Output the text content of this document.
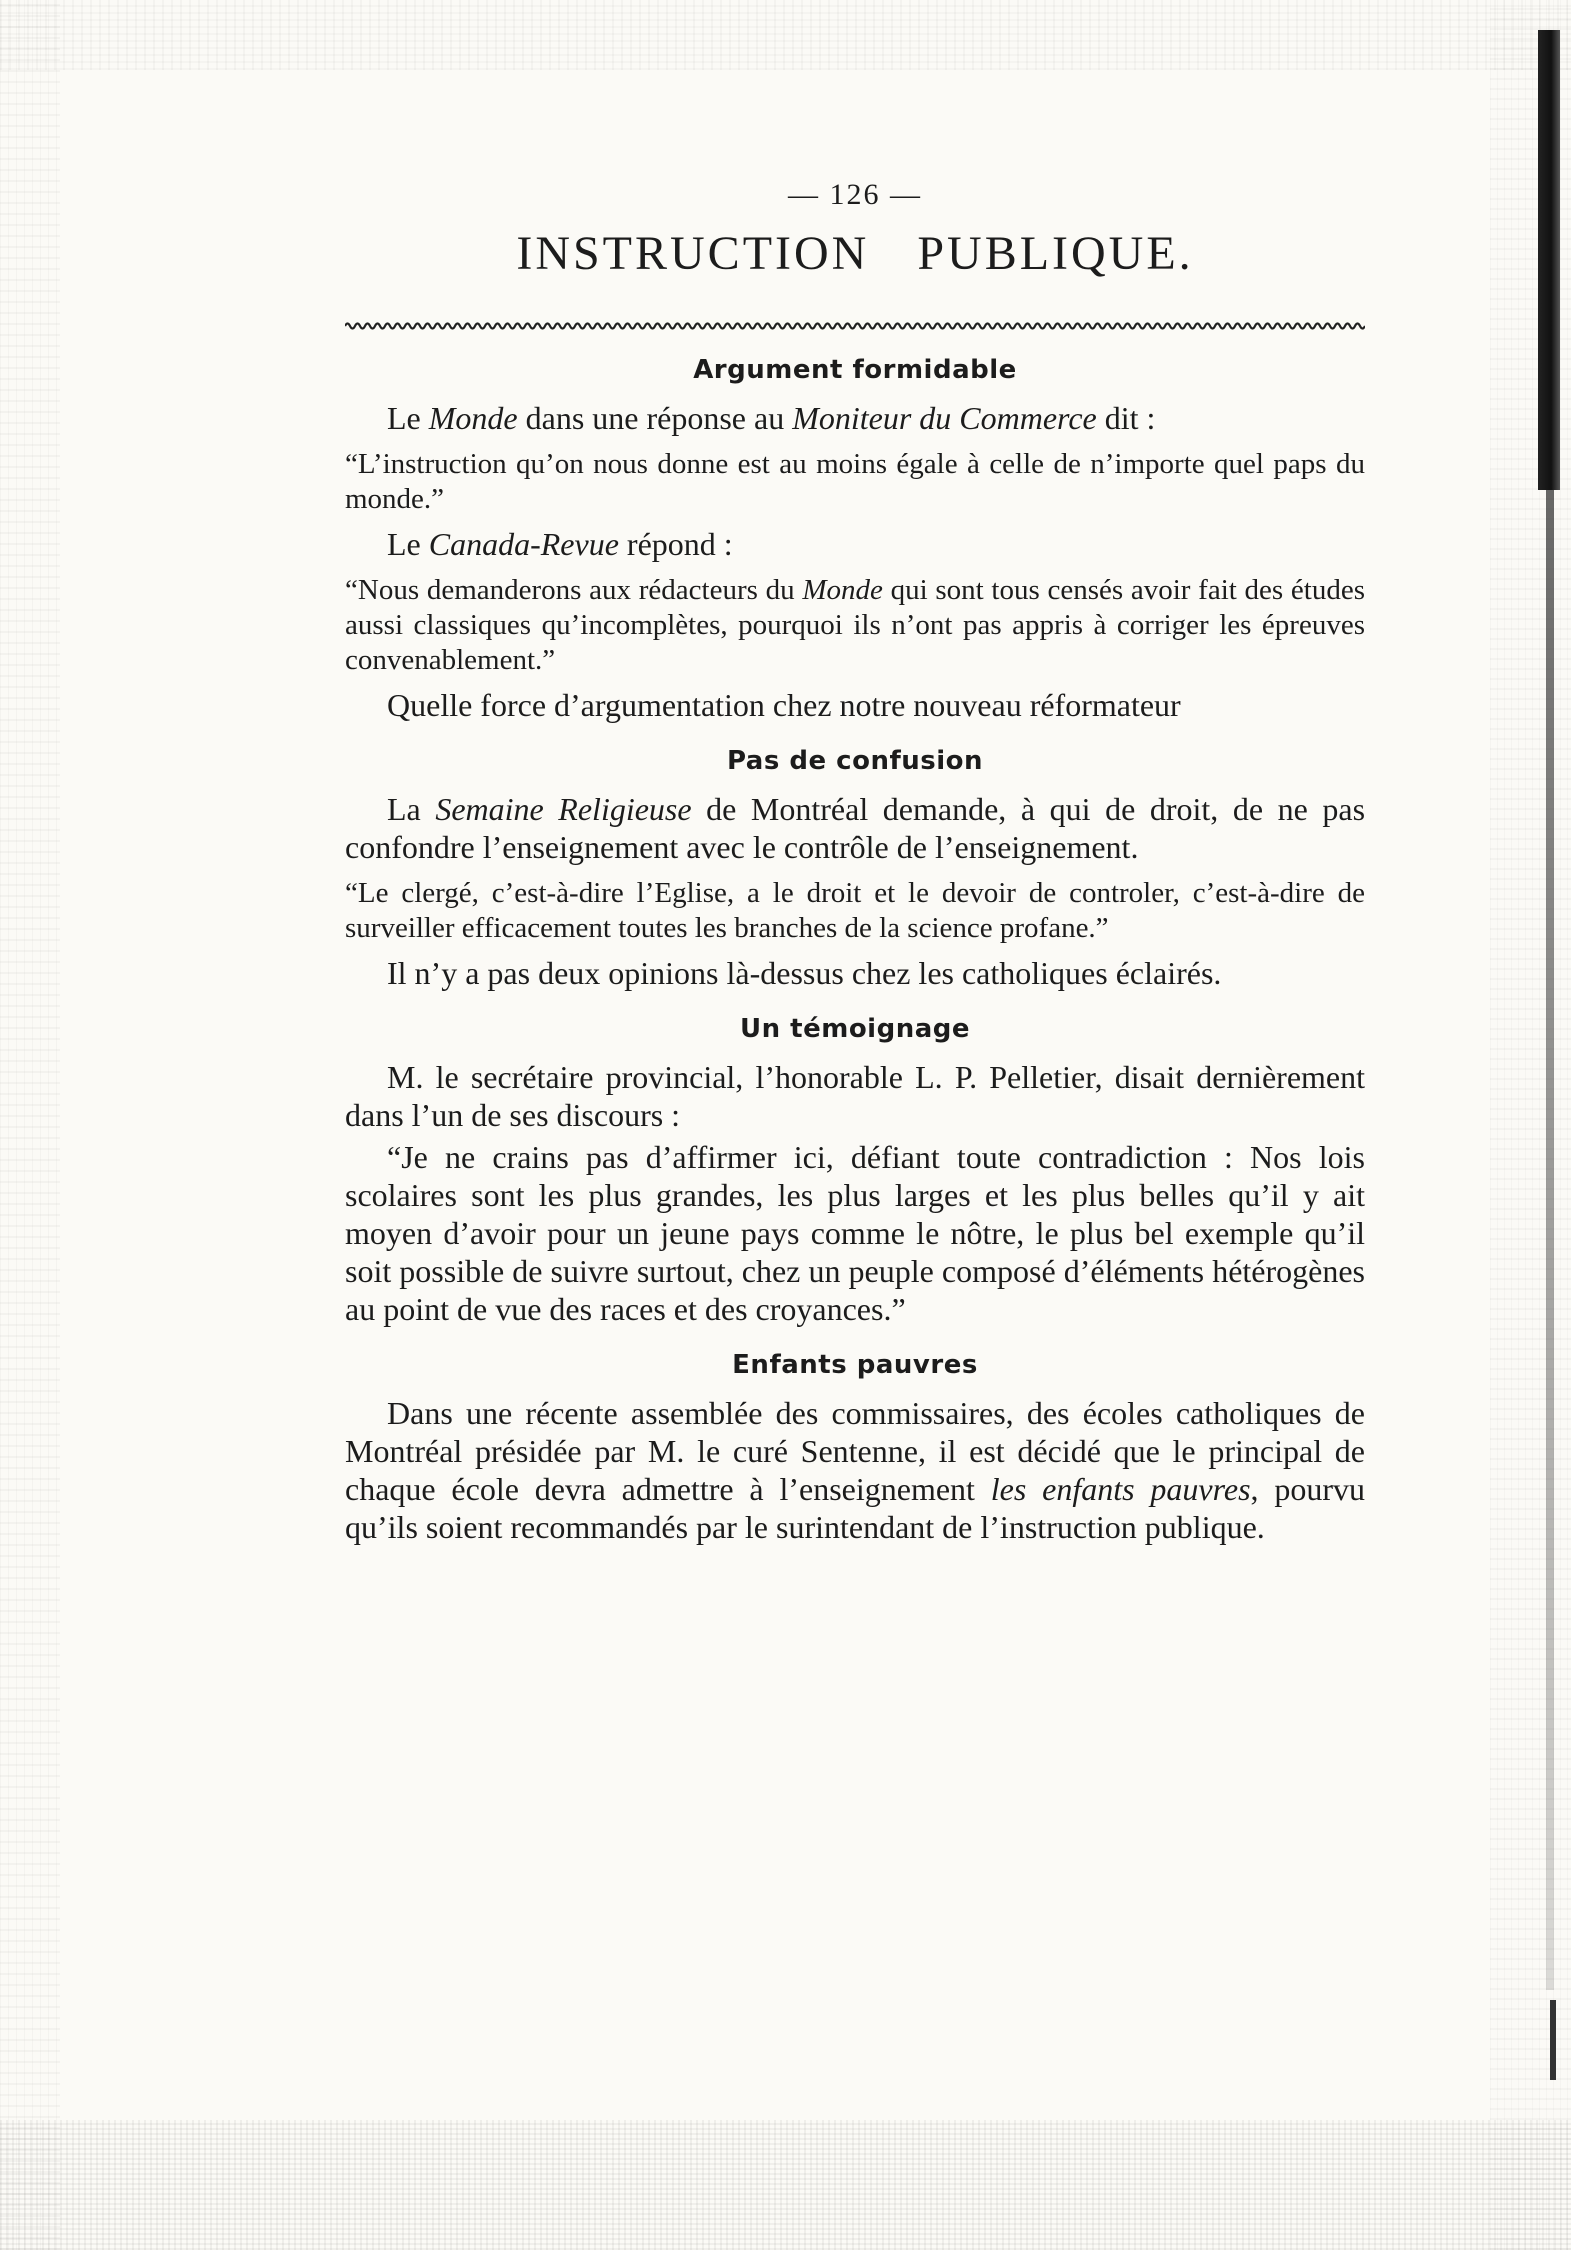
— 126 —
INSTRUCTION PUBLIQUE.
Argument formidable

Le Monde dans une réponse au Moniteur du Commerce dit :

“L’instruction qu’on nous donne est au moins égale à celle de n’importe quel paps du monde.”

Le Canada-Revue répond :

“Nous demanderons aux rédacteurs du Monde qui sont tous censés avoir fait des études aussi classiques qu’incomplètes, pourquoi ils n’ont pas appris à corriger les épreuves convenablement.”

Quelle force d’argumentation chez notre nouveau réformateur

Pas de confusion

La Semaine Religieuse de Montréal demande, à qui de droit, de ne pas confondre l’enseignement avec le contrôle de l’enseignement.

“Le clergé, c’est-à-dire l’Eglise, a le droit et le devoir de controler, c’est-à-dire de surveiller efficacement toutes les branches de la science profane.”

Il n’y a pas deux opinions là-dessus chez les catholiques éclairés.

Un témoignage

M. le secrétaire provincial, l’honorable L. P. Pelletier, disait dernièrement dans l’un de ses discours :

“Je ne crains pas d’affirmer ici, défiant toute contradiction : Nos lois scolaires sont les plus grandes, les plus larges et les plus belles qu’il y ait moyen d’avoir pour un jeune pays comme le nôtre, le plus bel exemple qu’il soit possible de suivre surtout, chez un peuple composé d’éléments hétérogènes au point de vue des races et des croyances.”

Enfants pauvres

Dans une récente assemblée des commissaires, des écoles catholiques de Montréal présidée par M. le curé Sentenne, il est décidé que le principal de chaque école devra admettre à l’enseignement les enfants pauvres, pourvu qu’ils soient recommandés par le surintendant de l’instruction publique.
